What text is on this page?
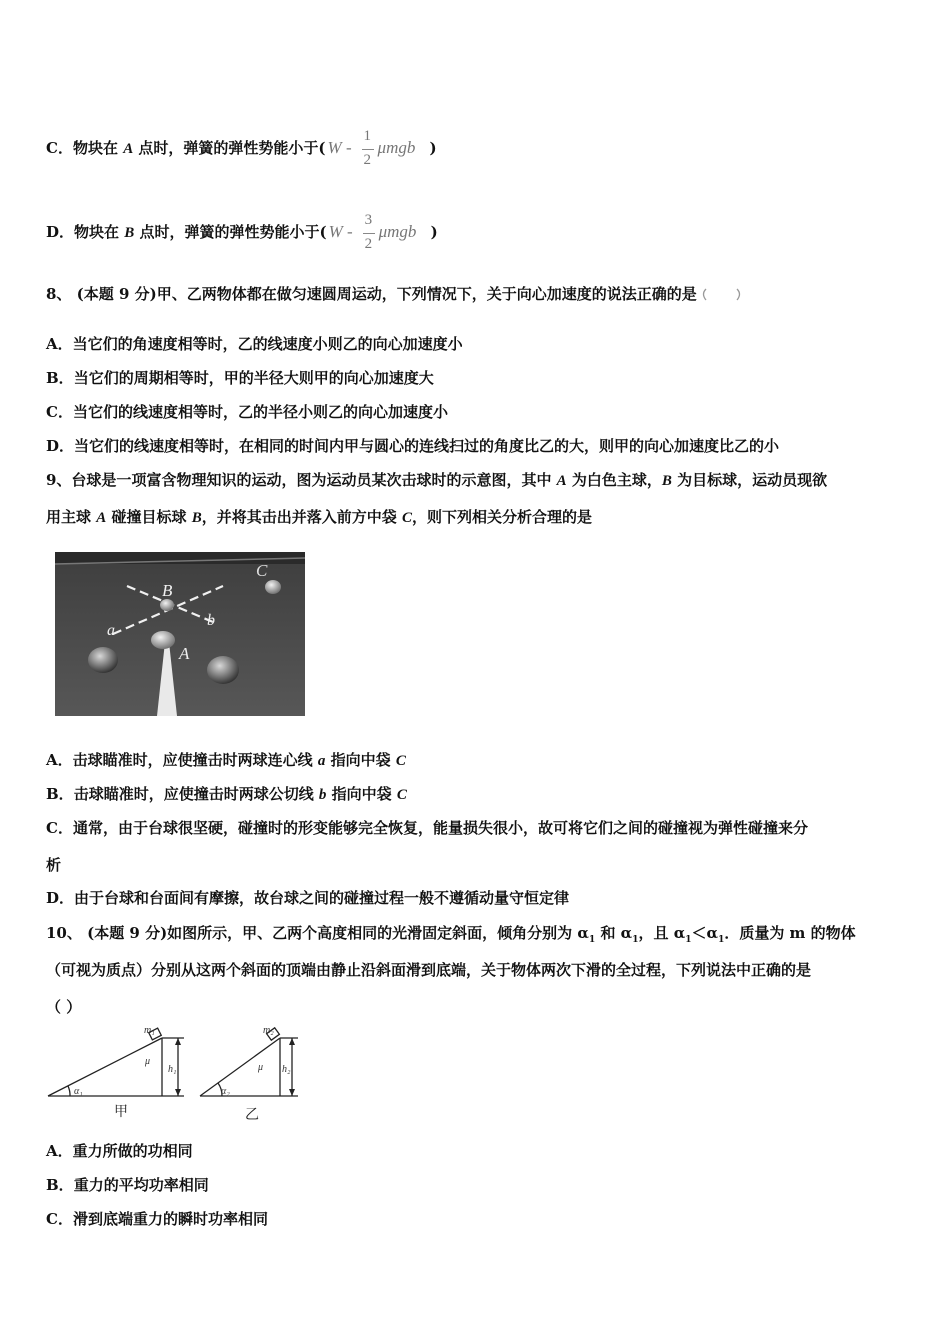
C．物块在 A 点时，弹簧的弹性势能小于( W -
1
2
μmgb )
D．物块在 B 点时，弹簧的弹性势能小于( W -
3
2
μmgb )
8、 (本题 9 分)甲、乙两物体都在做匀速圆周运动，下列情况下，关于向心加速度的说法正确的是
A．当它们的角速度相等时，乙的线速度小则乙的向心加速度小
B．当它们的周期相等时，甲的半径大则甲的向心加速度大
C．当它们的线速度相等时，乙的半径小则乙的向心加速度小
D．当它们的线速度相等时，在相同的时间内甲与圆心的连线扫过的角度比乙的大，则甲的向心加速度比乙的小
9、台球是一项富含物理知识的运动，图为运动员某次击球时的示意图，其中 A 为白色主球，B 为目标球，运动员现欲
用主球 A 碰撞目标球 B，并将其击出并落入前方中袋 C，则下列相关分析合理的是
B
C
A
a
b
A．击球瞄准时，应使撞击时两球连心线 a 指向中袋 C
B．击球瞄准时，应使撞击时两球公切线 b 指向中袋 C
C．通常，由于台球很坚硬，碰撞时的形变能够完全恢复，能量损失很小，故可将它们之间的碰撞视为弹性碰撞来分
析
D．由于台球和台面间有摩擦，故台球之间的碰撞过程一般不遵循动量守恒定律
10、 (本题 9 分)如图所示，甲、乙两个高度相同的光滑固定斜面，倾角分别为 $\alpha_1$ 和 $\alpha_1$，且 $\alpha_1<\alpha_1$．质量为 m 的物体
（可视为质点）分别从这两个斜面的顶端由静止沿斜面滑到底端，关于物体两次下滑的全过程，下列说法中正确的是
（ ）
m₁
μ
h₁
α₁
m₂
μ h₂
α₂
甲	乙
A．重力所做的功相同
B．重力的平均功率相同
C．滑到底端重力的瞬时功率相同
